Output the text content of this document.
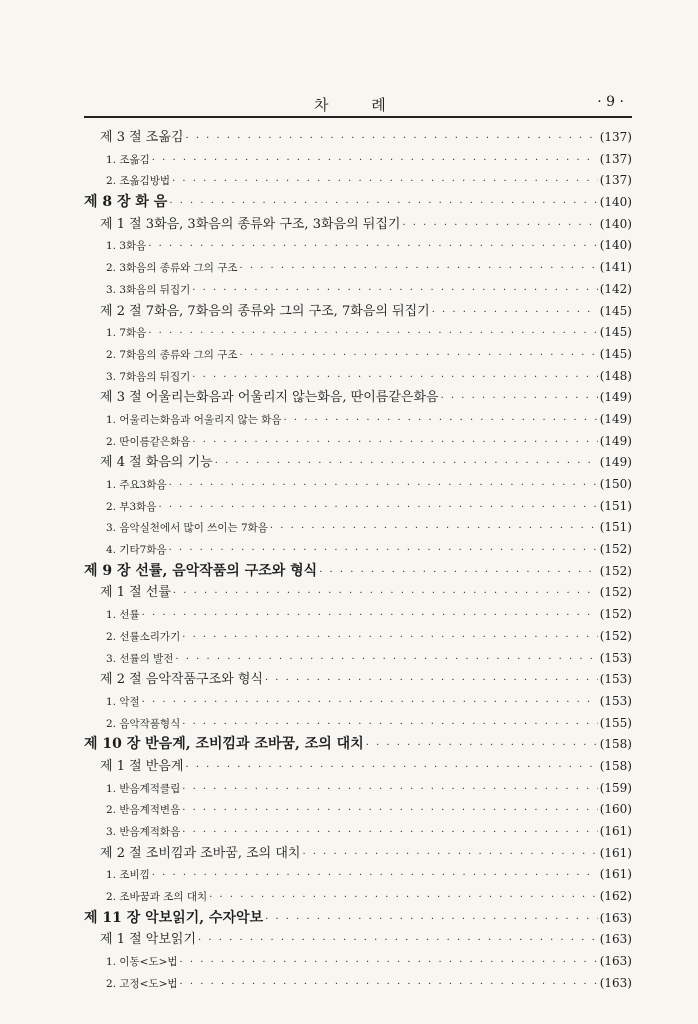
차 례	· 9 ·
제 3 절 조옮김 · · ·	(137)
1. 조옮김 · · ·	(137)
2. 조옮김방법 · · ·	(137)
제 8 장 화 음 · · ·	(140)
제 1 절 3화음, 3화음의 종류와 구조, 3화음의 뒤집기 · · ·	(140)
1. 3화음 · · ·	(140)
2. 3화음의 종류와 그의 구조 · · ·	(141)
3. 3화음의 뒤집기 · · ·	(142)
제 2 절 7화음, 7화음의 종류와 그의 구조, 7화음의 뒤집기 · · ·	(145)
1. 7화음 · · ·	(145)
2. 7화음의 종류와 그의 구조 · · ·	(145)
3. 7화음의 뒤집기 · · ·	(148)
제 3 절 어울리는화음과 어울리지 않는화음, 딴이름같은화음 · · ·	(149)
1. 어울리는화음과 어울리지 않는 화음 · · ·	(149)
2. 딴이름같은화음 · · ·	(149)
제 4 절 화음의 기능 · · ·	(149)
1. 주요3화음 · · ·	(150)
2. 부3화음 · · ·	(151)
3. 음악실천에서 많이 쓰이는 7화음 · · ·	(151)
4. 기타7화음 · · ·	(152)
제 9 장 선률, 음악작품의 구조와 형식 · · ·	(152)
제 1 절 선률 · · ·	(152)
1. 선률 · · ·	(152)
2. 선률소리가기 · · ·	(152)
3. 선률의 발전 · · ·	(153)
제 2 절 음악작품구조와 형식 · · ·	(153)
1. 악절 · · ·	(153)
2. 음악작품형식 · · ·	(155)
제 10 장 반음계, 조비낌과 조바꿈, 조의 대치 · · ·	(158)
제 1 절 반음계 · · ·	(158)
1. 반음계적클립 · · ·	(159)
2. 반음계적변음 · · ·	(160)
3. 반음계적화음 · · ·	(161)
제 2 절 조비낌과 조바꿈, 조의 대치 · · ·	(161)
1. 조비낌 · · ·	(161)
2. 조바꿈과 조의 대치 · · ·	(162)
제 11 장 악보읽기, 수자악보 · · ·	(163)
제 1 절 악보읽기 · · ·	(163)
1. 이동<도>법 · · ·	(163)
2. 고정<도>법 · · ·	(163)
